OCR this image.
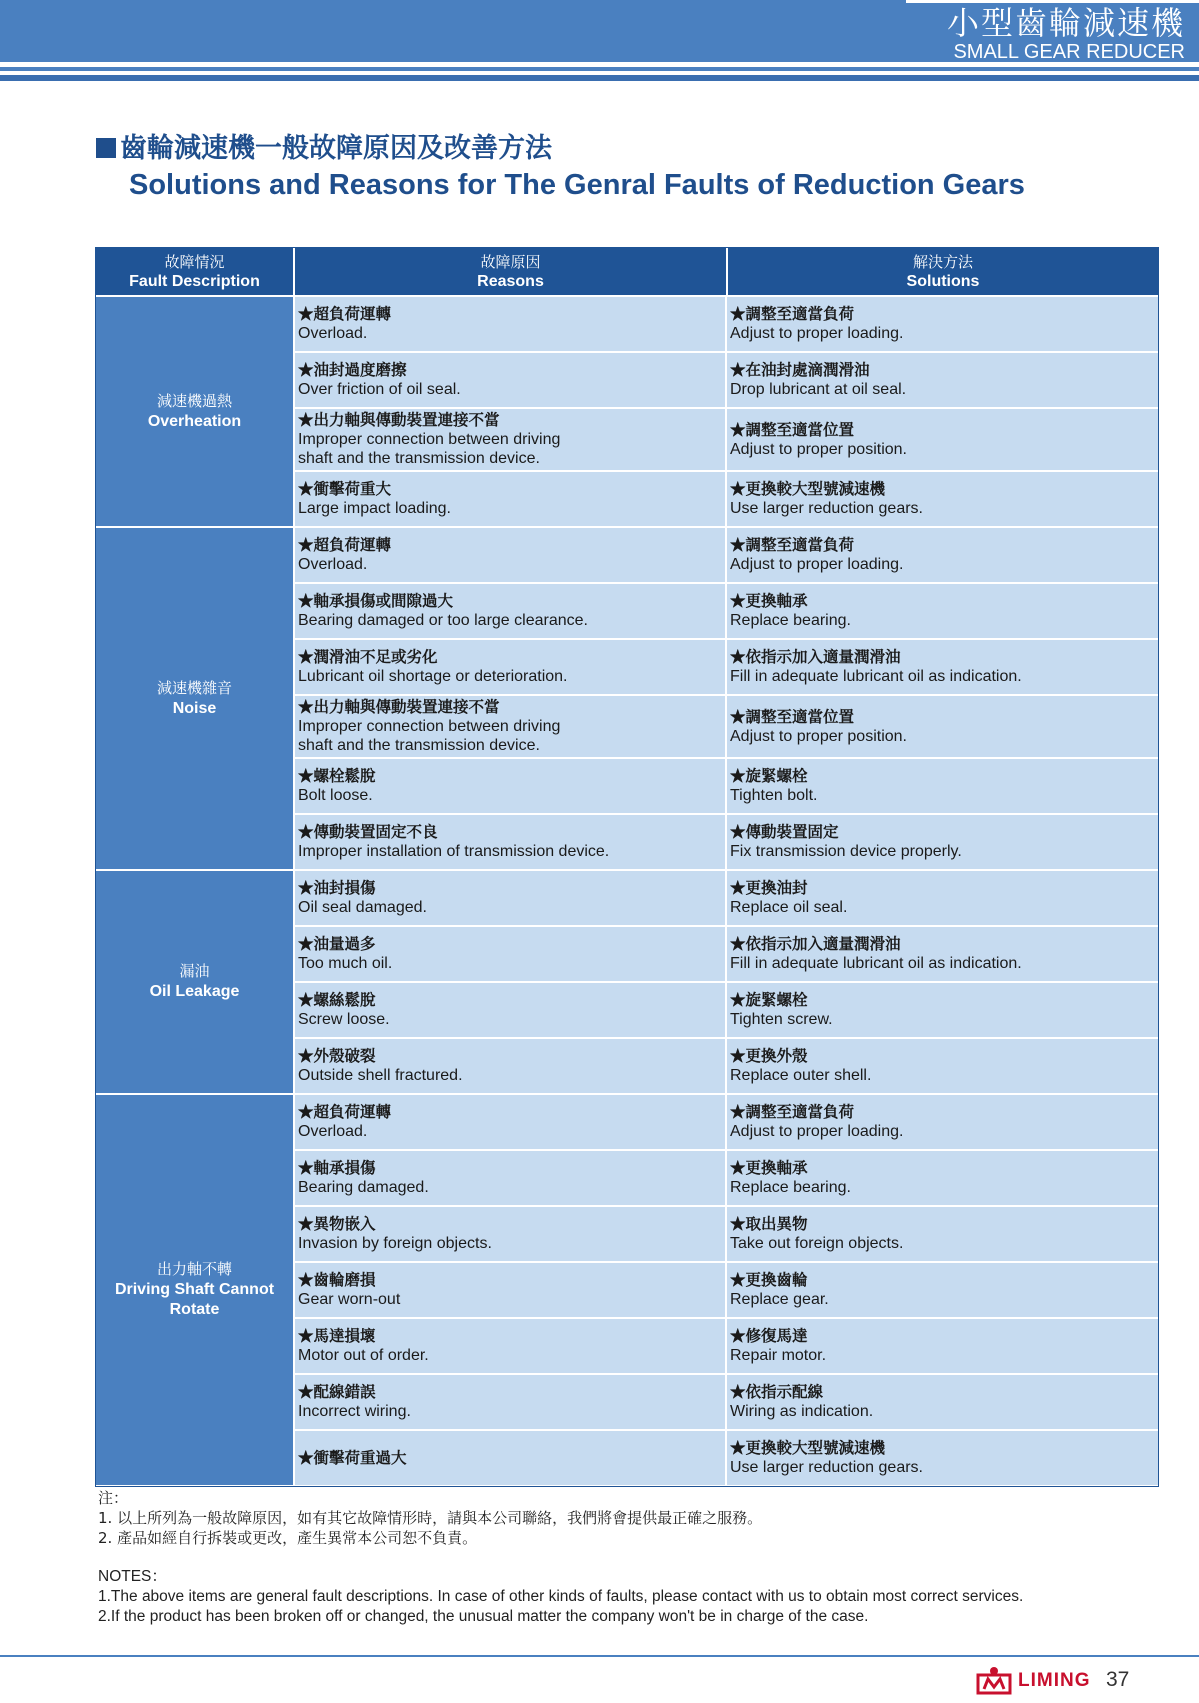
小型齒輪減速機
SMALL GEAR REDUCER
齒輪減速機一般故障原因及改善方法
Solutions and Reasons for The Genral Faults of Reduction Gears
故障情況
Fault Description
故障原因
Reasons
解決方法
Solutions
★ 超負荷運轉
Overload.
★ 調整至適當負荷
Adjust to proper loading.
★ 油封過度磨擦
Over friction of oil seal.
★ 在油封處滴潤滑油
Drop lubricant at oil seal.
★ 出力軸與傳動裝置連接不當
Improper connection between driving shaft and the transmission device.
★ 調整至適當位置
Adjust to proper position.
★ 衝擊荷重大
Large impact loading.
★ 更換較大型號減速機
Use larger reduction gears.
減速機過熱
Overheation
★ 超負荷運轉
Overload.
★ 調整至適當負荷
Adjust to proper loading.
★ 軸承損傷或間隙過大
Bearing damaged or too large clearance.
★ 更換軸承
Replace bearing.
★ 潤滑油不足或劣化
Lubricant oil shortage or deterioration.
★ 依指示加入適量潤滑油
Fill in adequate lubricant oil as indication.
★ 出力軸與傳動裝置連接不當
Improper connection between driving shaft and the transmission device.
★ 調整至適當位置
Adjust to proper position.
★ 螺栓鬆脫
Bolt loose.
★ 旋緊螺栓
Tighten bolt.
★ 傳動裝置固定不良
Improper installation of transmission device.
★ 傳動裝置固定
Fix transmission device properly.
減速機雜音
Noise
★ 油封損傷
Oil seal damaged.
★ 更換油封
Replace oil seal.
★ 油量過多
Too much oil.
★ 依指示加入適量潤滑油
Fill in adequate lubricant oil as indication.
★ 螺絲鬆脫
Screw loose.
★ 旋緊螺栓
Tighten screw.
★ 外殼破裂
Outside shell fractured.
★ 更換外殼
Replace outer shell.
漏油
Oil Leakage
★ 超負荷運轉
Overload.
★ 調整至適當負荷
Adjust to proper loading.
★ 軸承損傷
Bearing damaged.
★ 更換軸承
Replace bearing.
★ 異物嵌入
Invasion by foreign objects.
★ 取出異物
Take out foreign objects.
★ 齒輪磨損
Gear worn-out
★ 更換齒輪
Replace gear.
★ 馬達損壞
Motor out of order.
★ 修復馬達
Repair motor.
★ 配線錯誤
Incorrect wiring.
★ 依指示配線
Wiring as indication.
★ 衝擊荷重過大
★ 更換較大型號減速機
Use larger reduction gears.
出力軸不轉
Driving Shaft Cannot Rotate
注：
1. 以上所列為一般故障原因，如有其它故障情形時，請與本公司聯絡，我們將會提供最正確之服務。
2. 產品如經自行拆裝或更改，產生異常本公司恕不負責。
NOTES：
1.The above items are general fault descriptions. In case of other kinds of faults, please contact with us to obtain most correct services.
2.If the product has been broken off or changed, the unusual matter the company won't be in charge of the case.
LIMING 37
